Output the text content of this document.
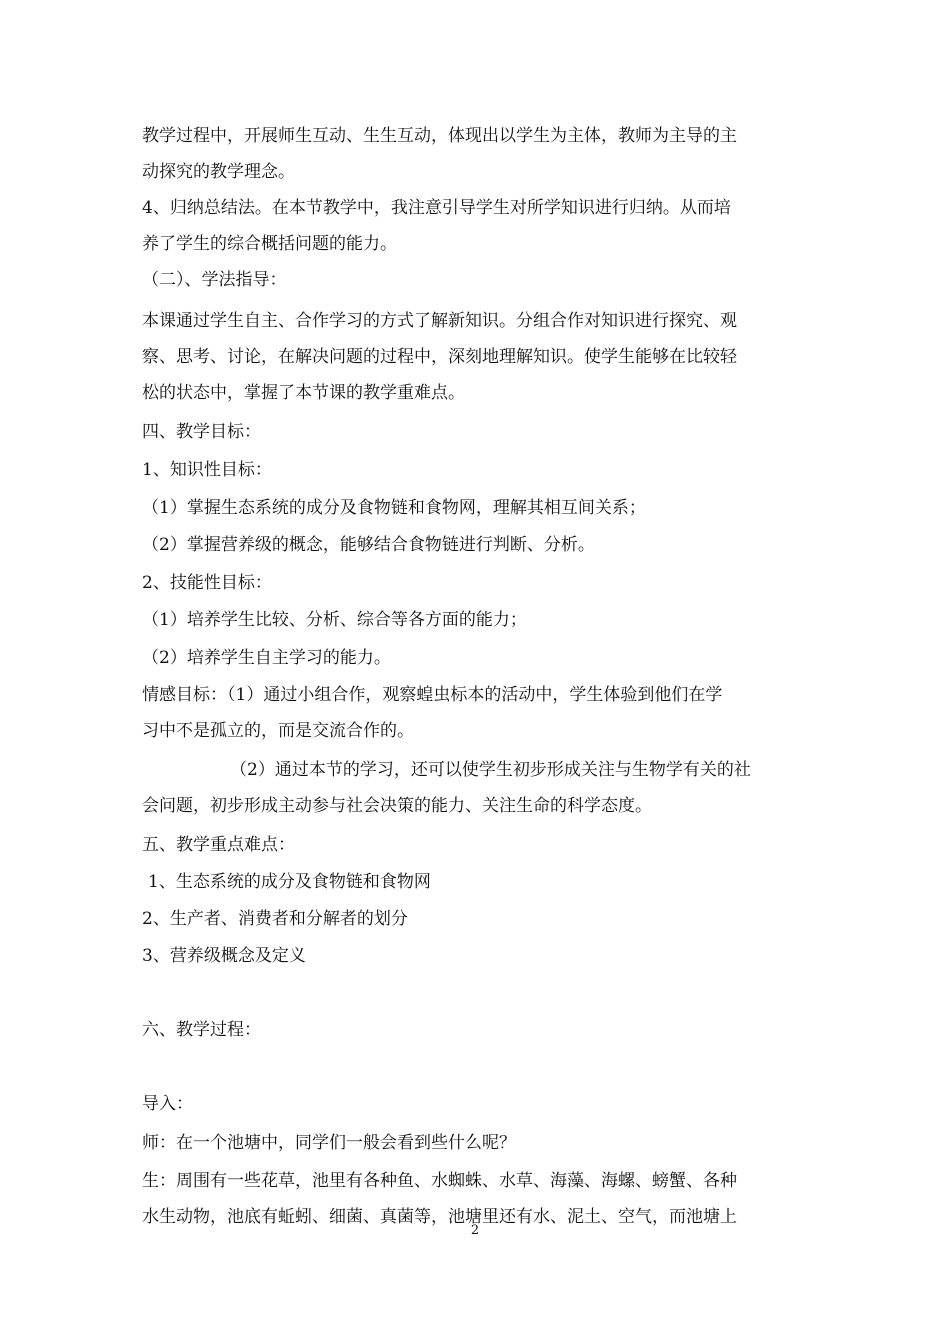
教学过程中，开展师生互动、生生互动，体现出以学生为主体，教师为主导的主
动探究的教学理念。
4、归纳总结法。在本节教学中，我注意引导学生对所学知识进行归纳。从而培
养了学生的综合概括问题的能力。
（二）、学法指导：
本课通过学生自主、合作学习的方式了解新知识。分组合作对知识进行探究、观
察、思考、讨论，在解决问题的过程中，深刻地理解知识。使学生能够在比较轻
松的状态中，掌握了本节课的教学重难点。
四、教学目标：
1、知识性目标：
（1）掌握生态系统的成分及食物链和食物网，理解其相互间关系；
（2）掌握营养级的概念，能够结合食物链进行判断、分析。
2、技能性目标：
（1）培养学生比较、分析、综合等各方面的能力；
（2）培养学生自主学习的能力。
情感目标：（1）通过小组合作，观察蝗虫标本的活动中，学生体验到他们在学
习中不是孤立的，而是交流合作的。
（2）通过本节的学习，还可以使学生初步形成关注与生物学有关的社
会问题，初步形成主动参与社会决策的能力、关注生命的科学态度。
五、教学重点难点：
1、生态系统的成分及食物链和食物网
2、生产者、消费者和分解者的划分
3、营养级概念及定义
六、教学过程：
导入：
师：在一个池塘中，同学们一般会看到些什么呢？
生：周围有一些花草，池里有各种鱼、水蜘蛛、水草、海藻、海螺、螃蟹、各种
水生动物，池底有蚯蚓、细菌、真菌等，池塘里还有水、泥土、空气，而池塘上
2
